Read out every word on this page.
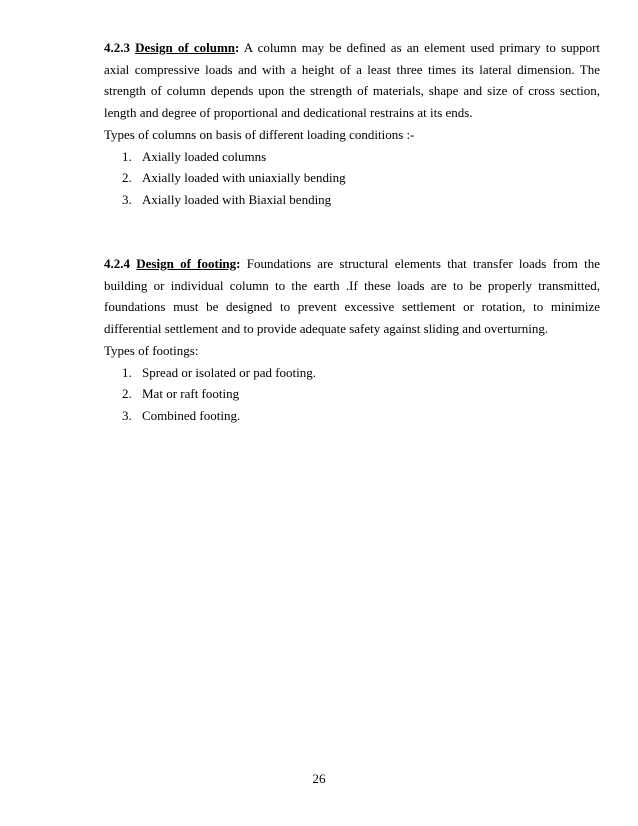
4.2.3 Design of column: A column may be defined as an element used primary to support axial compressive loads and with a height of a least three times its lateral dimension. The strength of column depends upon the strength of materials, shape and size of cross section, length and degree of proportional and dedicational restrains at its ends.

Types of columns on basis of different loading conditions :-

1. Axially loaded columns
2. Axially loaded with uniaxially bending
3. Axially loaded with Biaxial bending

4.2.4 Design of footing: Foundations are structural elements that transfer loads from the building or individual column to the earth .If these loads are to be properly transmitted, foundations must be designed to prevent excessive settlement or rotation, to minimize differential settlement and to provide adequate safety against sliding and overturning.

Types of footings:

1. Spread or isolated or pad footing.
2. Mat or raft footing
3. Combined footing.
26
